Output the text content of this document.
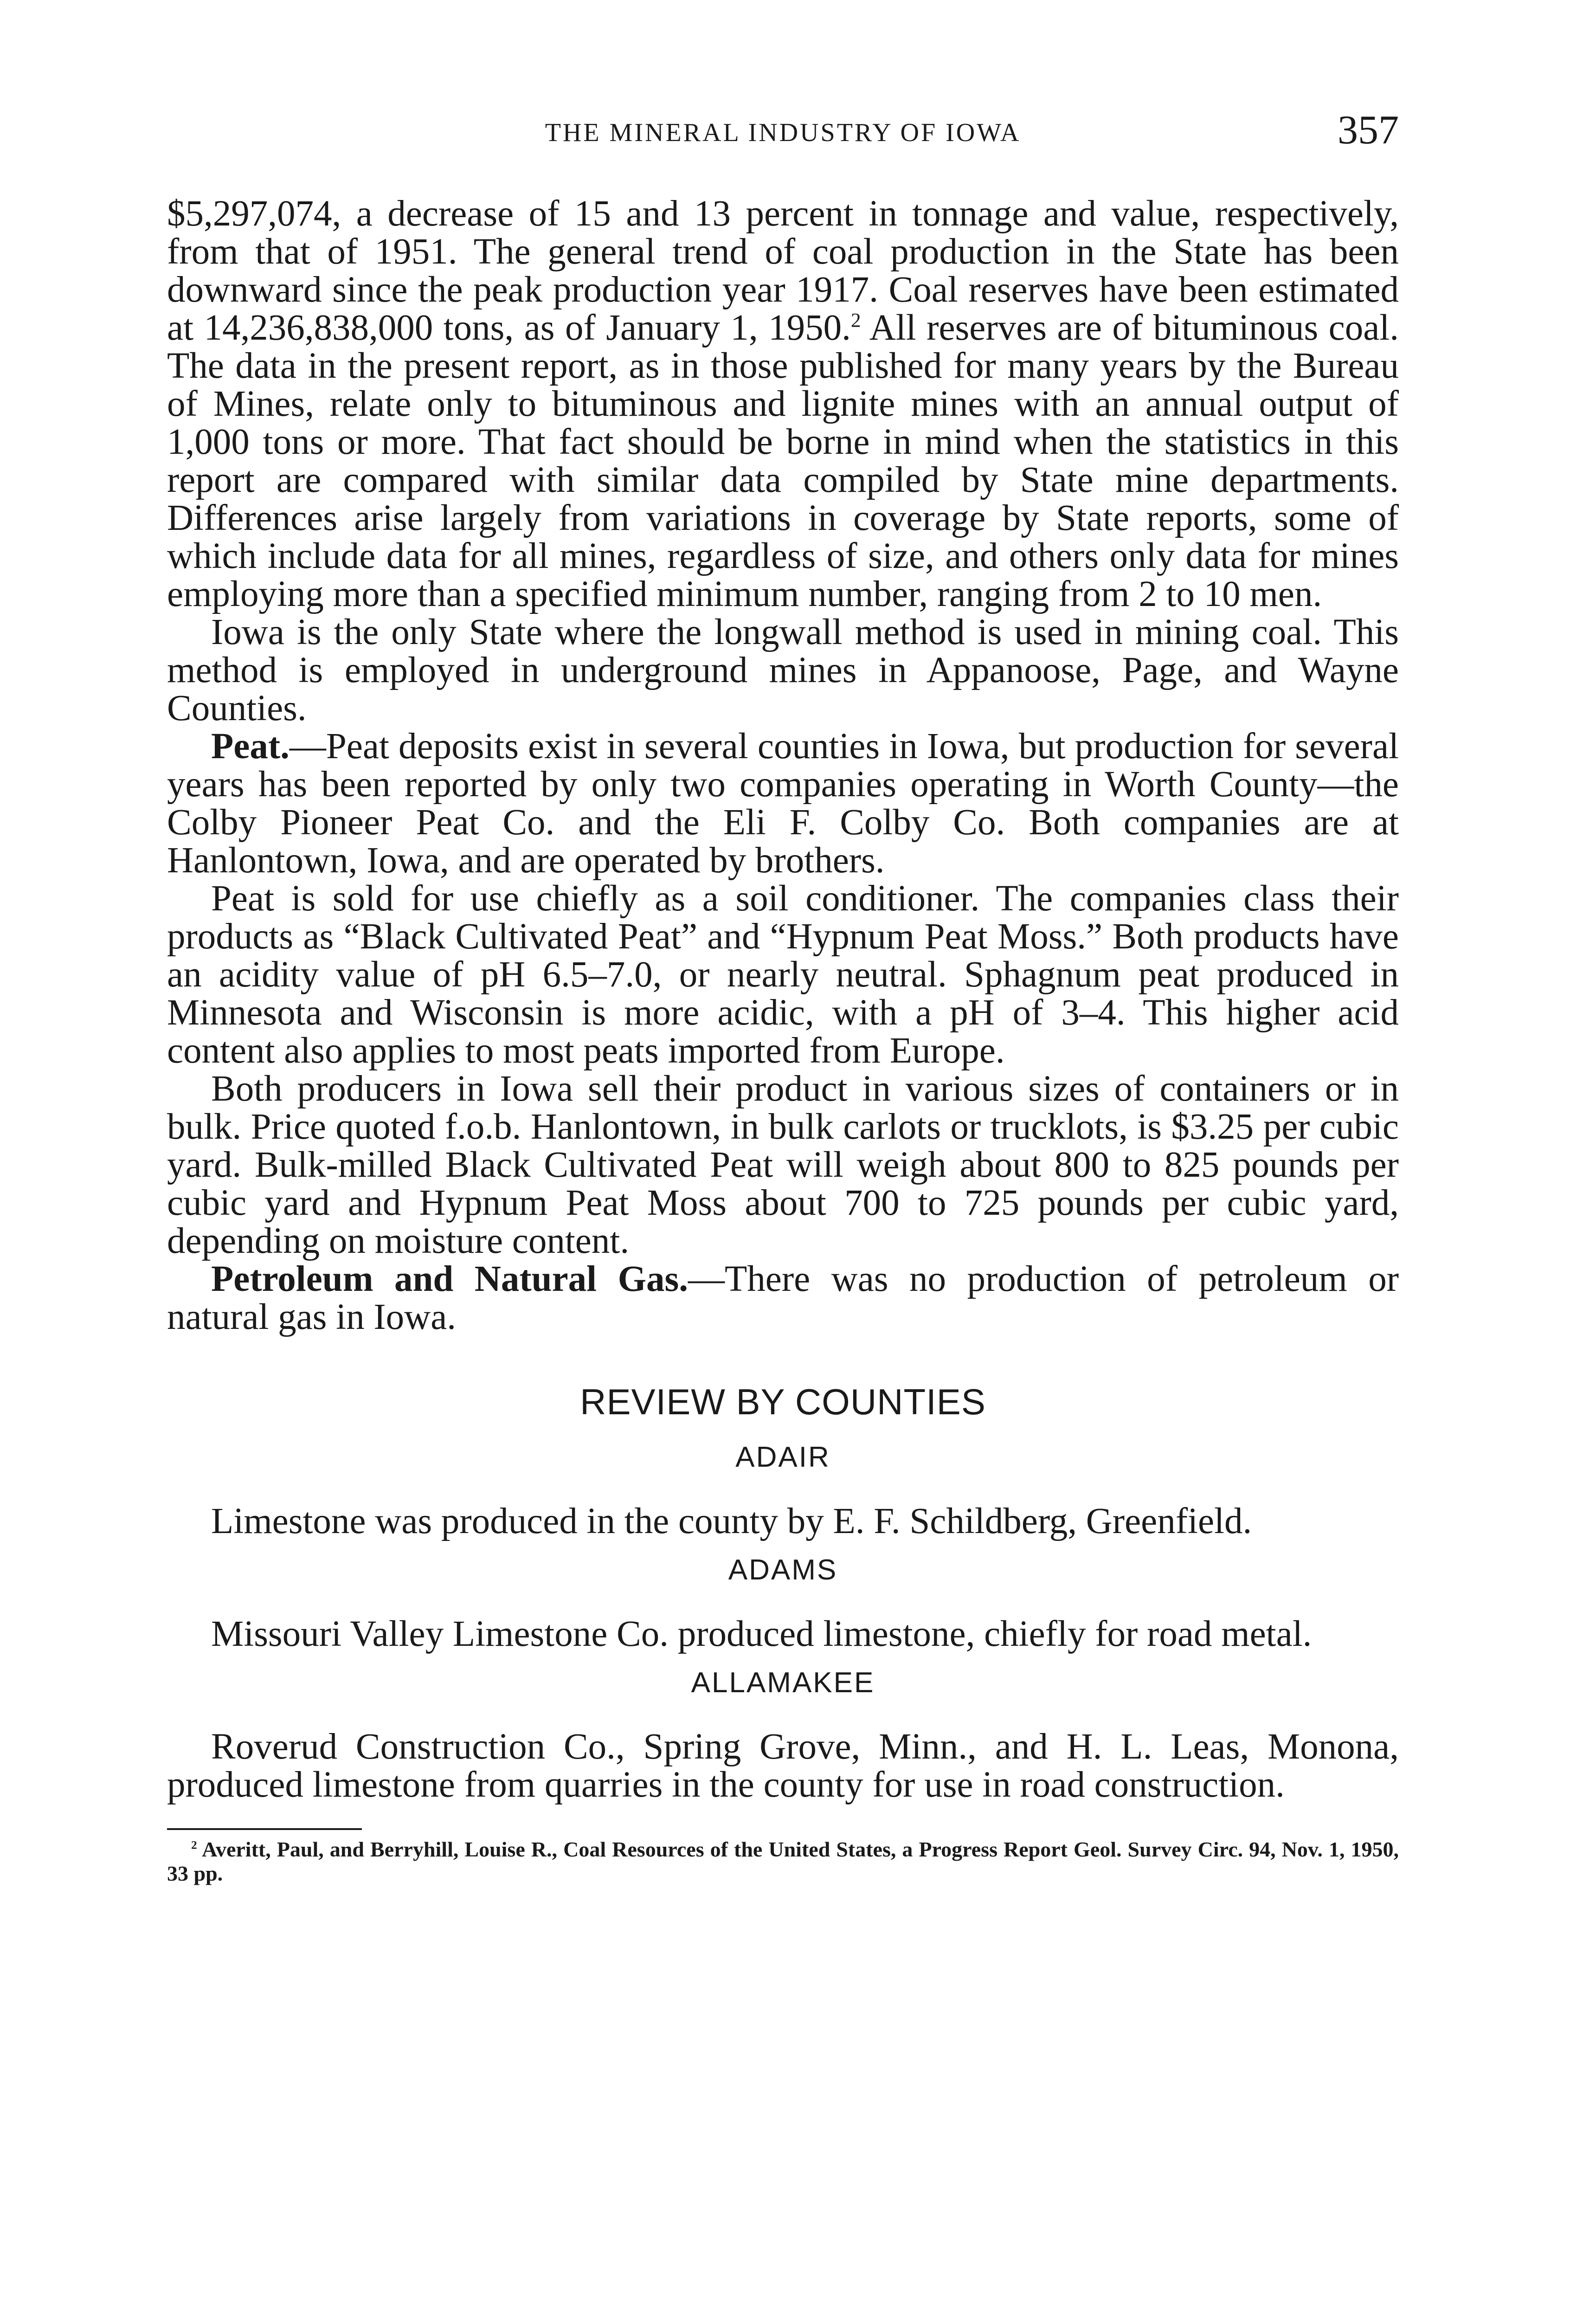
THE MINERAL INDUSTRY OF IOWA	357

$5,297,074, a decrease of 15 and 13 percent in tonnage and value, respectively, from that of 1951. The general trend of coal production in the State has been downward since the peak production year 1917. Coal reserves have been estimated at 14,236,838,000 tons, as of January 1, 1950.$^2$ All reserves are of bituminous coal. The data in the present report, as in those published for many years by the Bureau of Mines, relate only to bituminous and lignite mines with an annual output of 1,000 tons or more. That fact should be borne in mind when the statistics in this report are compared with similar data compiled by State mine departments. Differences arise largely from variations in coverage by State reports, some of which include data for all mines, regardless of size, and others only data for mines employing more than a specified minimum number, ranging from 2 to 10 men.

Iowa is the only State where the longwall method is used in mining coal. This method is employed in underground mines in Appanoose, Page, and Wayne Counties.

Peat.—Peat deposits exist in several counties in Iowa, but production for several years has been reported by only two companies operating in Worth County—the Colby Pioneer Peat Co. and the Eli F. Colby Co. Both companies are at Hanlontown, Iowa, and are operated by brothers.

Peat is sold for use chiefly as a soil conditioner. The companies class their products as “Black Cultivated Peat” and “Hypnum Peat Moss.” Both products have an acidity value of pH 6.5–7.0, or nearly neutral. Sphagnum peat produced in Minnesota and Wisconsin is more acidic, with a pH of 3–4. This higher acid content also applies to most peats imported from Europe.

Both producers in Iowa sell their product in various sizes of containers or in bulk. Price quoted f.o.b. Hanlontown, in bulk carlots or trucklots, is $3.25 per cubic yard. Bulk-milled Black Cultivated Peat will weigh about 800 to 825 pounds per cubic yard and Hypnum Peat Moss about 700 to 725 pounds per cubic yard, depending on moisture content.

Petroleum and Natural Gas.—There was no production of petroleum or natural gas in Iowa.

REVIEW BY COUNTIES
ADAIR

Limestone was produced in the county by E. F. Schildberg, Greenfield.

ADAMS

Missouri Valley Limestone Co. produced limestone, chiefly for road metal.

ALLAMAKEE

Roverud Construction Co., Spring Grove, Minn., and H. L. Leas, Monona, produced limestone from quarries in the county for use in road construction.

$^2$ Averitt, Paul, and Berryhill, Louise R., Coal Resources of the United States, a Progress Report Geol. Survey Circ. 94, Nov. 1, 1950, 33 pp.
